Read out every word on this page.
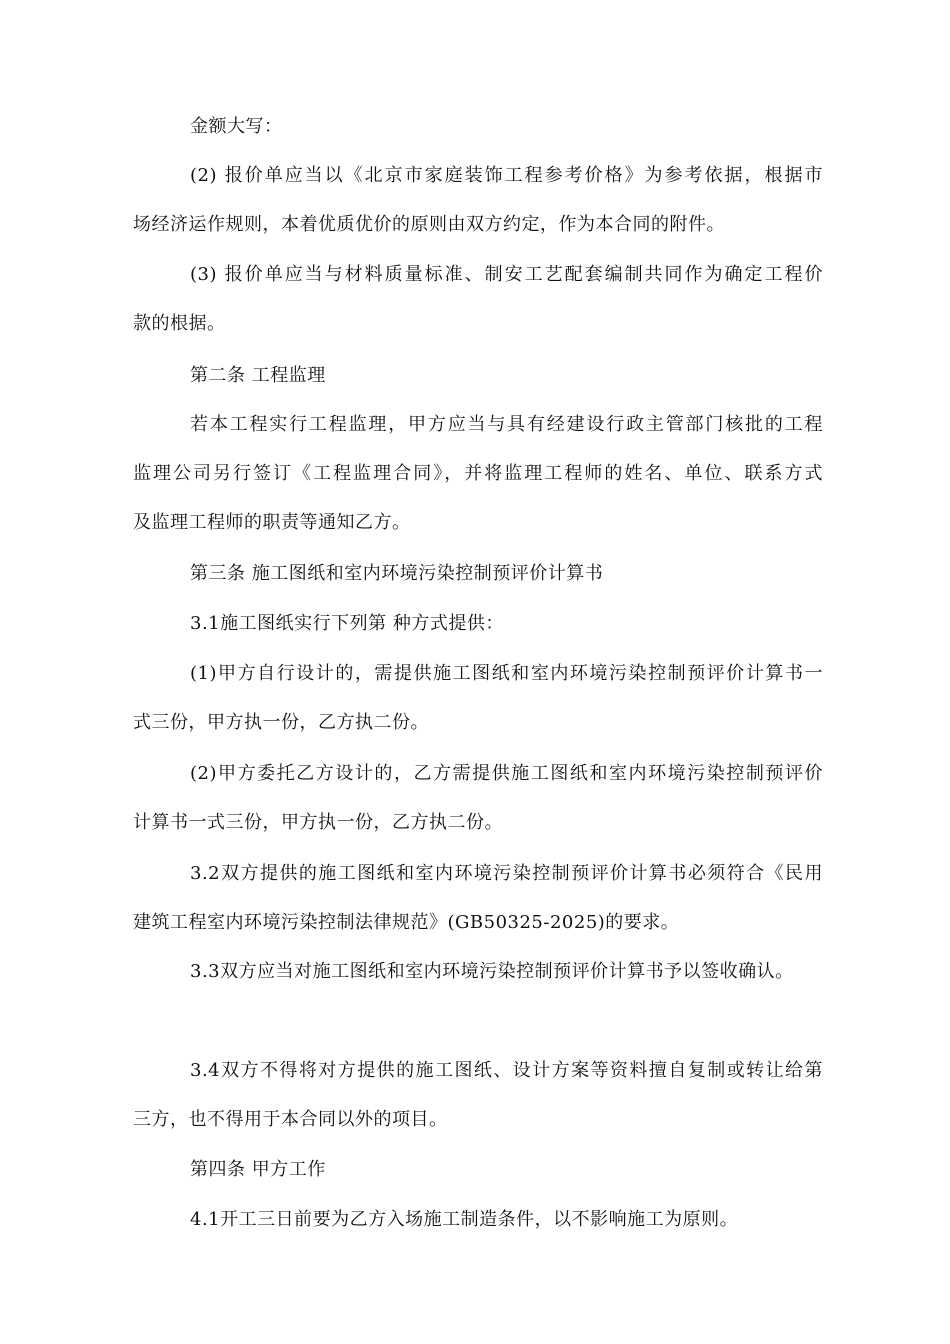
金额大写：
(2) 报价单应当以《北京市家庭装饰工程参考价格》为参考依据，根据市
场经济运作规则，本着优质优价的原则由双方约定，作为本合同的附件。
(3) 报价单应当与材料质量标准、制安工艺配套编制共同作为确定工程价
款的根据。
第二条 工程监理
若本工程实行工程监理，甲方应当与具有经建设行政主管部门核批的工程
监理公司另行签订《工程监理合同》，并将监理工程师的姓名、单位、联系方式
及监理工程师的职责等通知乙方。
第三条 施工图纸和室内环境污染控制预评价计算书
3.1施工图纸实行下列第 种方式提供：
(1)甲方自行设计的，需提供施工图纸和室内环境污染控制预评价计算书一
式三份，甲方执一份，乙方执二份。
(2)甲方委托乙方设计的，乙方需提供施工图纸和室内环境污染控制预评价
计算书一式三份，甲方执一份，乙方执二份。
3.2双方提供的施工图纸和室内环境污染控制预评价计算书必须符合《民用
建筑工程室内环境污染控制法律规范》(GB50325-2025)的要求。
3.3双方应当对施工图纸和室内环境污染控制预评价计算书予以签收确认。
3.4双方不得将对方提供的施工图纸、设计方案等资料擅自复制或转让给第
三方，也不得用于本合同以外的项目。
第四条 甲方工作
4.1开工三日前要为乙方入场施工制造条件，以不影响施工为原则。
